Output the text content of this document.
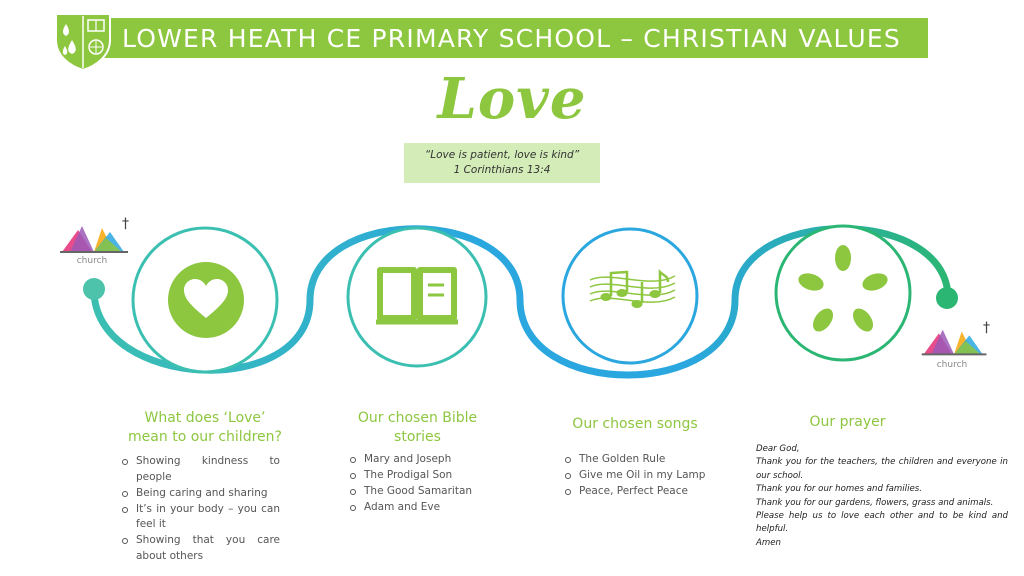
LOWER HEATH CE PRIMARY SCHOOL – CHRISTIAN VALUES
Love
“Love is patient, love is kind”
1 Corinthians 13:4
†
church
†
church
What does ‘Love’
mean to our children?
Showing kindness to people
Being caring and sharing
It’s in your body – you can feel it
Showing that you care about others
Our chosen Bible
stories
Mary and Joseph
The Prodigal Son
The Good Samaritan
Adam and Eve
Our chosen songs
The Golden Rule
Give me Oil in my Lamp
Peace, Perfect Peace
Our prayer
Dear God,
Thank you for the teachers, the children and everyone in our school.
Thank you for our homes and families.
Thank you for our gardens, flowers, grass and animals.
Please help us to love each other and to be kind and helpful.
Amen
